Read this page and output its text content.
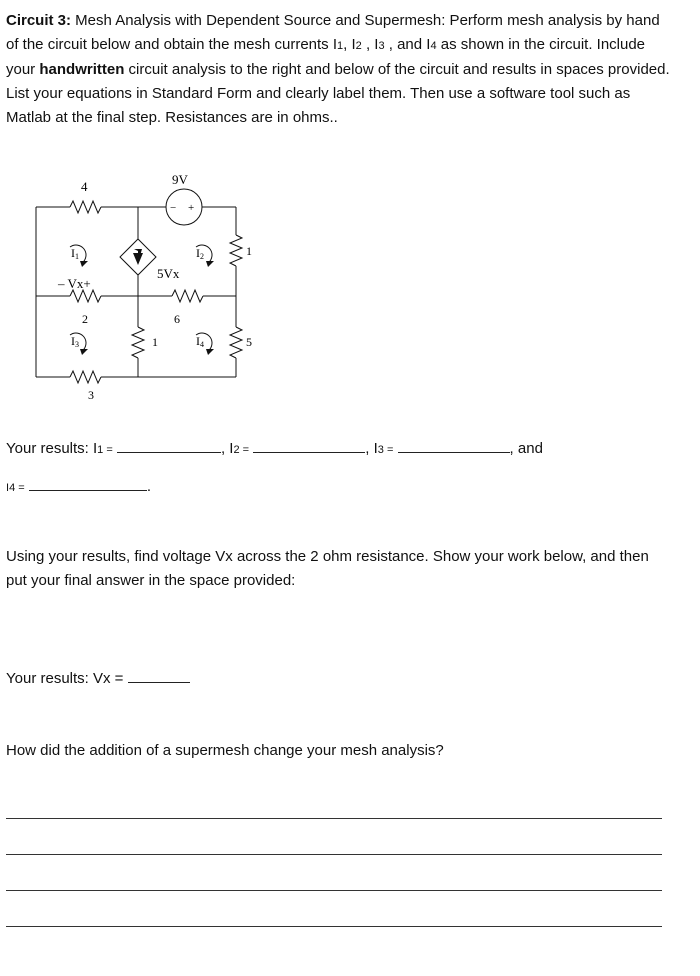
Circuit 3: Mesh Analysis with Dependent Source and Supermesh: Perform mesh analysis by hand of the circuit below and obtain the mesh currents I1, I2 , I3 , and I4 as shown in the circuit. Include your handwritten circuit analysis to the right and below of the circuit and results in spaces provided. List your equations in Standard Form and clearly label them. Then use a software tool such as Matlab at the final step. Resistances are in ohms..
4	9V
− +
I1	I2
I3	I4
5Vx
– Vx+
1
2	6
1	5
3
Your results: I1 =	, I2 =	, I3 =	, and
I4 =	.
Using your results, find voltage Vx across the 2 ohm resistance. Show your work below, and then put your final answer in the space provided:
Your results: Vx =
How did the addition of a supermesh change your mesh analysis?
